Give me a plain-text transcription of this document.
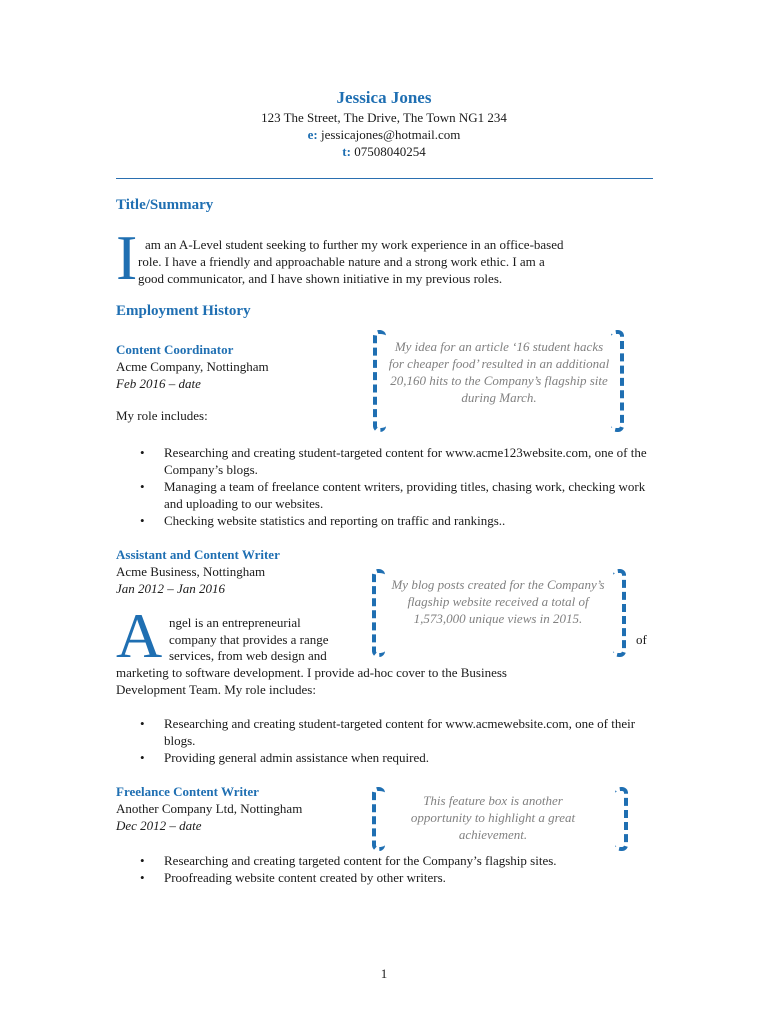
Jessica Jones
123 The Street, The Drive, The Town NG1 234
e: jessicajones@hotmail.com
t: 07508040254
Title/Summary
I am an A-Level student seeking to further my work experience in an office-based
role. I have a friendly and approachable nature and a strong work ethic. I am a
good communicator, and I have shown initiative in my previous roles.
Employment History
Content Coordinator
Acme Company, Nottingham
Feb 2016 – date
My role includes:
My idea for an article ‘16 student hacks for cheaper food’ resulted in an additional 20,160 hits to the Company’s flagship site during March.
• Researching and creating student-targeted content for www.acme123website.com, one of the Company’s blogs.
• Managing a team of freelance content writers, providing titles, chasing work, checking work and uploading to our websites.
• Checking website statistics and reporting on traffic and rankings..
Assistant and Content Writer
Acme Business, Nottingham
Jan 2012 – Jan 2016	My blog posts created for the Company’s flagship website received a total of 1,573,000 unique views in 2015.
A ngel is an entrepreneurial
company that provides a range	of
services, from web design and
marketing to software development. I provide ad-hoc cover to the Business
Development Team. My role includes:
• Researching and creating student-targeted content for www.acmewebsite.com, one of their blogs.
• Providing general admin assistance when required.
Freelance Content Writer
Another Company Ltd, Nottingham
Dec 2012 – date
This feature box is another opportunity to highlight a great achievement.
• Researching and creating targeted content for the Company’s flagship sites.
• Proofreading website content created by other writers.
1
